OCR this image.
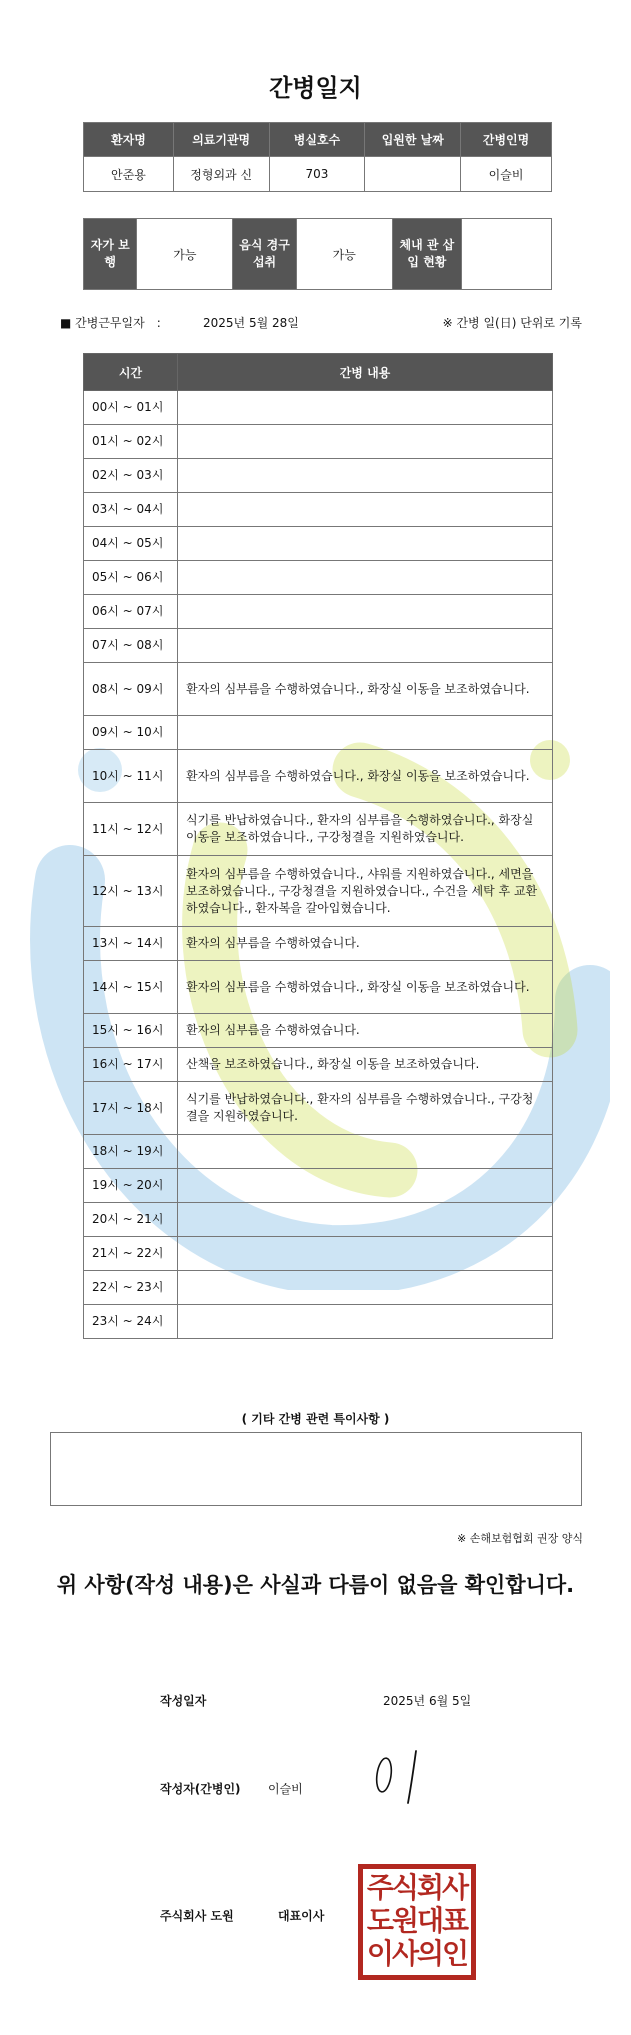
간병일지
환자명	의료기관명	병실호수	입원한 날짜	간병인명
안준용	정형외과 신	703		이슬비
자가 보행	가능	음식 경구 섭취	가능	체내 관 삽입 현황	
■ 간병근무일자　:	2025년 5월 28일	※ 간병 일(日) 단위로 기록
시간	간병 내용
00시 ~ 01시	
01시 ~ 02시	
02시 ~ 03시	
03시 ~ 04시	
04시 ~ 05시	
05시 ~ 06시	
06시 ~ 07시	
07시 ~ 08시	
08시 ~ 09시	환자의 심부름을 수행하였습니다., 화장실 이동을 보조하였습니다.
09시 ~ 10시	
10시 ~ 11시	환자의 심부름을 수행하였습니다., 화장실 이동을 보조하였습니다.
11시 ~ 12시	식기를 반납하였습니다., 환자의 심부름을 수행하였습니다., 화장실 이동을 보조하였습니다., 구강청결을 지원하였습니다.
12시 ~ 13시	환자의 심부름을 수행하였습니다., 샤워를 지원하였습니다., 세면을 보조하였습니다., 구강청결을 지원하였습니다., 수건을 세탁 후 교환하였습니다., 환자복을 갈아입혔습니다.
13시 ~ 14시	환자의 심부름을 수행하였습니다.
14시 ~ 15시	환자의 심부름을 수행하였습니다., 화장실 이동을 보조하였습니다.
15시 ~ 16시	환자의 심부름을 수행하였습니다.
16시 ~ 17시	산책을 보조하였습니다., 화장실 이동을 보조하였습니다.
17시 ~ 18시	식기를 반납하였습니다., 환자의 심부름을 수행하였습니다., 구강청결을 지원하였습니다.
18시 ~ 19시	
19시 ~ 20시	
20시 ~ 21시	
21시 ~ 22시	
22시 ~ 23시	
23시 ~ 24시	
( 기타 간병 관련 특이사항 )
※ 손해보험협회 권장 양식
위 사항(작성 내용)은 사실과 다름이 없음을 확인합니다.
작성일자	2025년 6월 5일
작성자(간병인) 이슬비
주식회사 도원	대표이사
주식회사
도원대표
이사의인
